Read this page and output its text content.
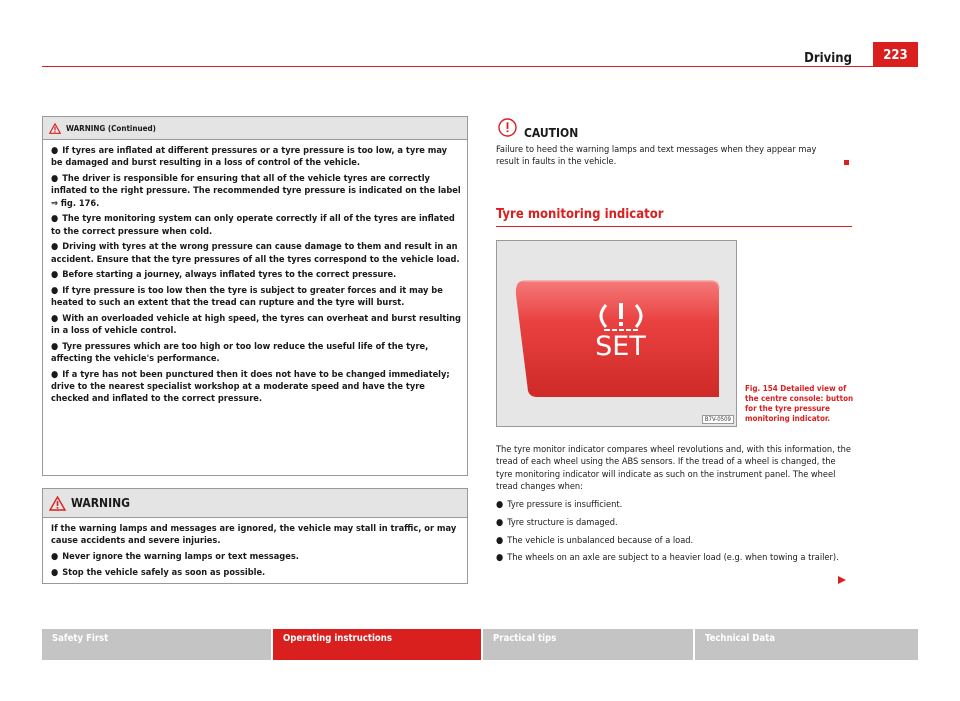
Driving	223
WARNING (Continued)

● If tyres are inflated at different pressures or a tyre pressure is too low, a tyre may be damaged and burst resulting in a loss of control of the vehicle.

● The driver is responsible for ensuring that all of the vehicle tyres are correctly inflated to the right pressure. The recommended tyre pressure is indicated on the label ⇒ fig. 176.

● The tyre monitoring system can only operate correctly if all of the tyres are inflated to the correct pressure when cold.

● Driving with tyres at the wrong pressure can cause damage to them and result in an accident. Ensure that the tyre pressures of all the tyres correspond to the vehicle load.

● Before starting a journey, always inflated tyres to the correct pressure.

● If tyre pressure is too low then the tyre is subject to greater forces and it may be heated to such an extent that the tread can rupture and the tyre will burst.

● With an overloaded vehicle at high speed, the tyres can overheat and burst resulting in a loss of vehicle control.

● Tyre pressures which are too high or too low reduce the useful life of the tyre, affecting the vehicle's performance.

● If a tyre has not been punctured then it does not have to be changed immediately; drive to the nearest specialist workshop at a moderate speed and have the tyre checked and inflated to the correct pressure.

WARNING

If the warning lamps and messages are ignored, the vehicle may stall in traffic, or may cause accidents and severe injuries.

● Never ignore the warning lamps or text messages.

● Stop the vehicle safely as soon as possible.

CAUTION
Failure to heed the warning lamps and text messages when they appear may result in faults in the vehicle.
Tyre monitoring indicator
SET
B7V-0509
Fig. 154 Detailed view of the centre console: button for the tyre pressure monitoring indicator.

The tyre monitor indicator compares wheel revolutions and, with this information, the tread of each wheel using the ABS sensors. If the tread of a wheel is changed, the tyre monitoring indicator will indicate as such on the instrument panel. The wheel tread changes when:

● Tyre pressure is insufficient.

● Tyre structure is damaged.

● The vehicle is unbalanced because of a load.

● The wheels on an axle are subject to a heavier load (e.g. when towing a trailer).

Safety First	Operating instructions	Practical tips	Technical Data
